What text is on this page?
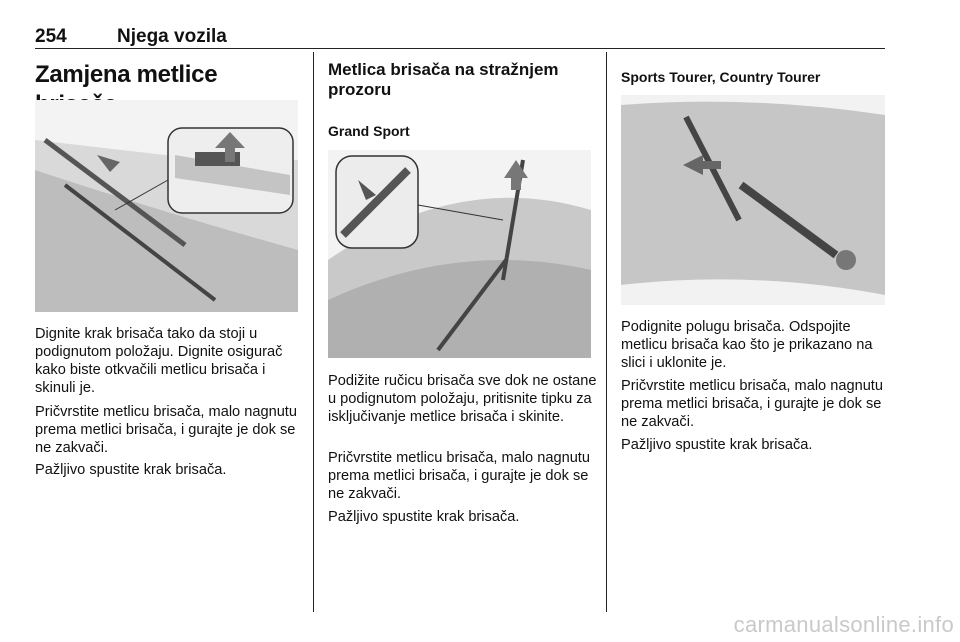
254	Njega vozila
Zamjena metlice

Dignite krak brisača tako da stoji u podignutom položaju. Dignite osigurač kako biste otkvačili metlicu brisača i skinuli je.

Pričvrstite metlicu brisača, malo nagnutu prema metlici brisača, i gurajte je dok se ne zakvači.

Pažljivo spustite krak brisača.

Metlica brisača na stražnjem prozoru
Grand Sport

Podižite ručicu brisača sve dok ne ostane u podignutom položaju, pritisnite tipku za isključivanje metlice brisača i skinite.

Pričvrstite metlicu brisača, malo nagnutu prema metlici brisača, i gurajte je dok se ne zakvači.

Pažljivo spustite krak brisača.

Sports Tourer, Country Tourer

Podignite polugu brisača. Odspojite metlicu brisača kao što je prikazano na slici i uklonite je.

Pričvrstite metlicu brisača, malo nagnutu prema metlici brisača, i gurajte je dok se ne zakvači.

Pažljivo spustite krak brisača.

carmanualsonline.info
